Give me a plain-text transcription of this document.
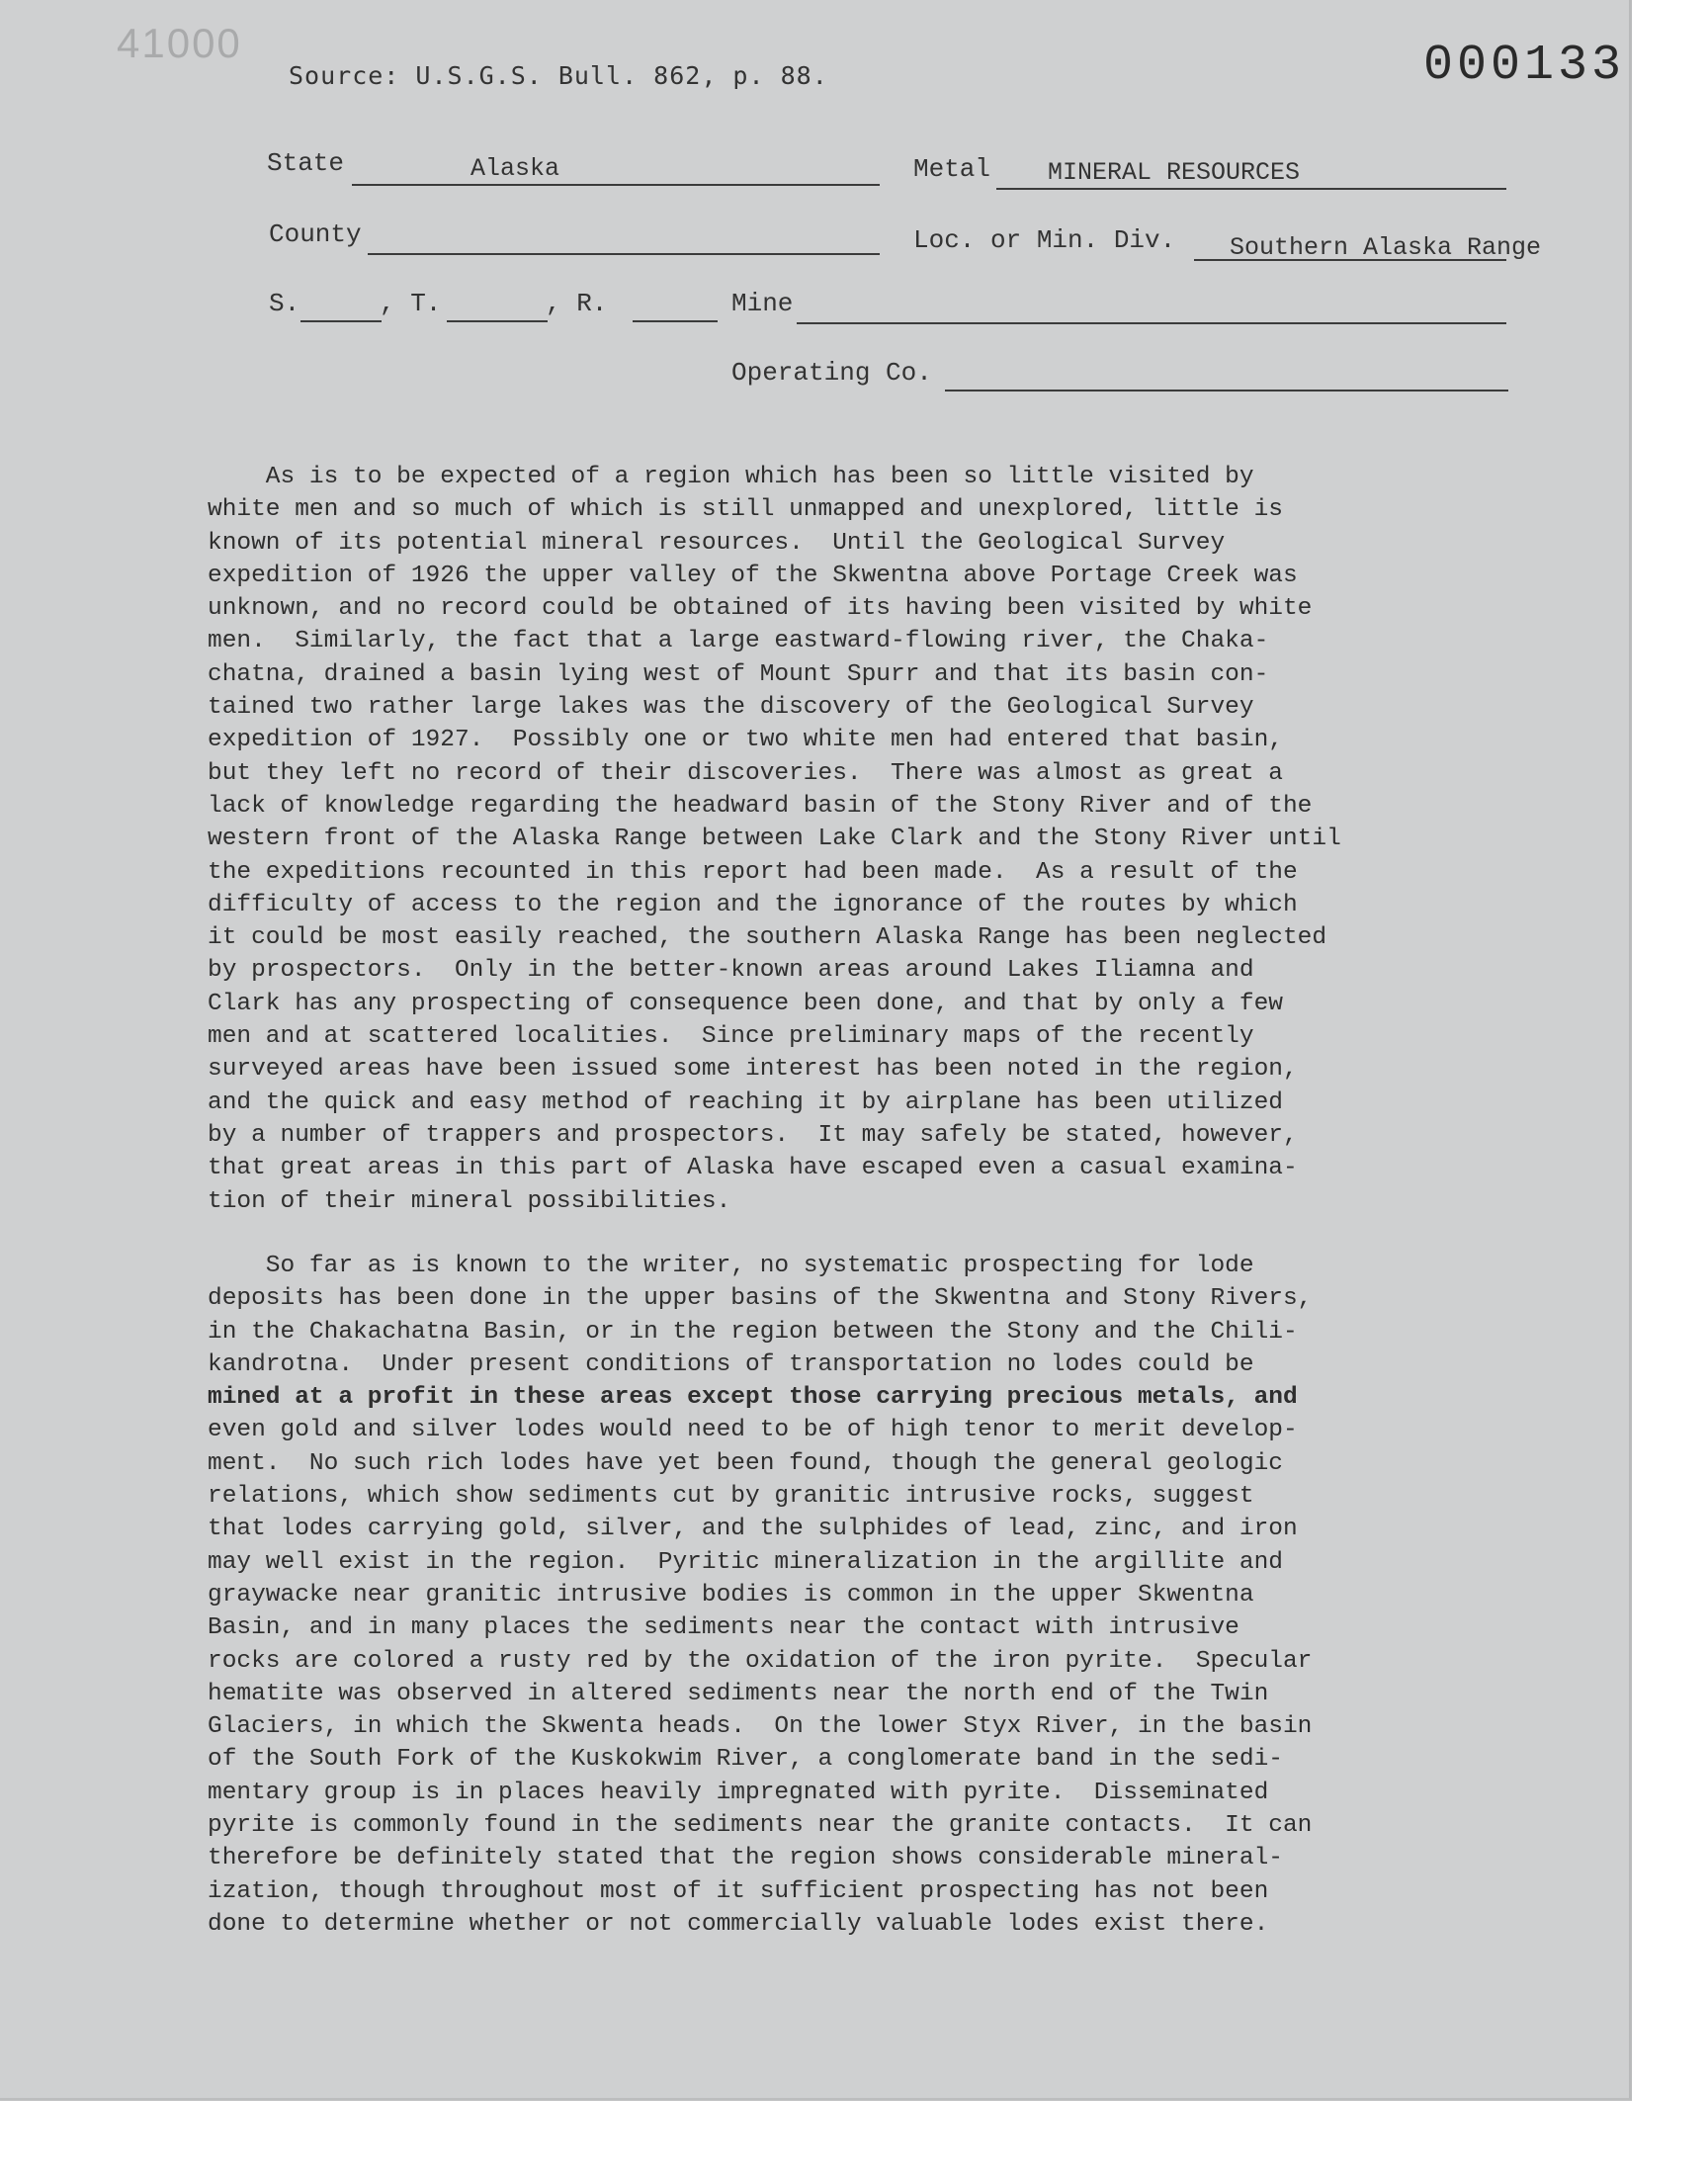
41000
Source: U.S.G.S. Bull. 862, p. 88.	000133
State	Alaska	Metal MINERAL RESOURCES
County	Loc. or Min. Div. Southern Alaska Range
S.	, T.	, R.	Mine
Operating Co.
As is to be expected of a region which has been so little visited by
white men and so much of which is still unmapped and unexplored, little is
known of its potential mineral resources.  Until the Geological Survey
expedition of 1926 the upper valley of the Skwentna above Portage Creek was
unknown, and no record could be obtained of its having been visited by white
men.  Similarly, the fact that a large eastward-flowing river, the Chaka-
chatna, drained a basin lying west of Mount Spurr and that its basin con-
tained two rather large lakes was the discovery of the Geological Survey
expedition of 1927.  Possibly one or two white men had entered that basin,
but they left no record of their discoveries.  There was almost as great a
lack of knowledge regarding the headward basin of the Stony River and of the
western front of the Alaska Range between Lake Clark and the Stony River until
the expeditions recounted in this report had been made.  As a result of the
difficulty of access to the region and the ignorance of the routes by which
it could be most easily reached, the southern Alaska Range has been neglected
by prospectors.  Only in the better-known areas around Lakes Iliamna and
Clark has any prospecting of consequence been done, and that by only a few
men and at scattered localities.  Since preliminary maps of the recently
surveyed areas have been issued some interest has been noted in the region,
and the quick and easy method of reaching it by airplane has been utilized
by a number of trappers and prospectors.  It may safely be stated, however,
that great areas in this part of Alaska have escaped even a casual examina-
tion of their mineral possibilities.
So far as is known to the writer, no systematic prospecting for lode
deposits has been done in the upper basins of the Skwentna and Stony Rivers,
in the Chakachatna Basin, or in the region between the Stony and the Chili-
kandrotna.  Under present conditions of transportation no lodes could be
mined at a profit in these areas except those carrying precious metals, and
even gold and silver lodes would need to be of high tenor to merit develop-
ment.  No such rich lodes have yet been found, though the general geologic
relations, which show sediments cut by granitic intrusive rocks, suggest
that lodes carrying gold, silver, and the sulphides of lead, zinc, and iron
may well exist in the region.  Pyritic mineralization in the argillite and
graywacke near granitic intrusive bodies is common in the upper Skwentna
Basin, and in many places the sediments near the contact with intrusive
rocks are colored a rusty red by the oxidation of the iron pyrite.  Specular
hematite was observed in altered sediments near the north end of the Twin
Glaciers, in which the Skwenta heads.  On the lower Styx River, in the basin
of the South Fork of the Kuskokwim River, a conglomerate band in the sedi-
mentary group is in places heavily impregnated with pyrite.  Disseminated
pyrite is commonly found in the sediments near the granite contacts.  It can
therefore be definitely stated that the region shows considerable mineral-
ization, though throughout most of it sufficient prospecting has not been
done to determine whether or not commercially valuable lodes exist there.
